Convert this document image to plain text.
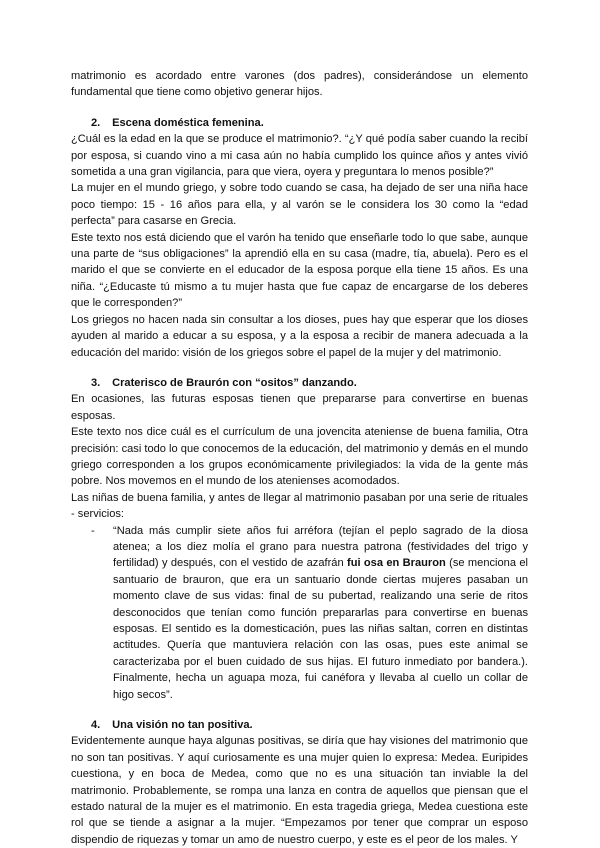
matrimonio es acordado entre varones (dos padres), considerándose un elemento fundamental que tiene como objetivo generar hijos.

2. Escena doméstica femenina.

¿Cuál es la edad en la que se produce el matrimonio?. “¿Y qué podía saber cuando la recibí por esposa, si cuando vino a mi casa aún no había cumplido los quince años y antes vivió sometida a una gran vigilancia, para que viera, oyera y preguntara lo menos posible?”

La mujer en el mundo griego, y sobre todo cuando se casa, ha dejado de ser una niña hace poco tiempo: 15 - 16 años para ella, y al varón se le considera los 30 como la “edad perfecta” para casarse en Grecia.

Este texto nos está diciendo que el varón ha tenido que enseñarle todo lo que sabe, aunque una parte de “sus obligaciones” la aprendió ella en su casa (madre, tía, abuela). Pero es el marido el que se convierte en el educador de la esposa porque ella tiene 15 años. Es una niña. “¿Educaste tú mismo a tu mujer hasta que fue capaz de encargarse de los deberes que le corresponden?”

Los griegos no hacen nada sin consultar a los dioses, pues hay que esperar que los dioses ayuden al marido a educar a su esposa, y a la esposa a recibir de manera adecuada a la educación del marido: visión de los griegos sobre el papel de la mujer y del matrimonio.

3. Craterisco de Braurón con “ositos” danzando.

En ocasiones, las futuras esposas tienen que prepararse para convertirse en buenas esposas.

Este texto nos dice cuál es el currículum de una jovencita ateniense de buena familia, Otra precisión: casi todo lo que conocemos de la educación, del matrimonio y demás en el mundo griego corresponden a los grupos económicamente privilegiados: la vida de la gente más pobre. Nos movemos en el mundo de los atenienses acomodados.

Las niñas de buena familia, y antes de llegar al matrimonio pasaban por una serie de rituales - servicios:

-	“Nada más cumplir siete años fui arréfora (tejían el peplo sagrado de la diosa atenea; a los diez molía el grano para nuestra patrona (festividades del trigo y fertilidad) y después, con el vestido de azafrán fui osa en Brauron (se menciona el santuario de brauron, que era un santuario donde ciertas mujeres pasaban un momento clave de sus vidas: final de su pubertad, realizando una serie de ritos desconocidos que tenían como función prepararlas para convertirse en buenas esposas. El sentido es la domesticación, pues las niñas saltan, corren en distintas actitudes. Quería que mantuviera relación con las osas, pues este animal se caracterizaba por el buen cuidado de sus hijas. El futuro inmediato por bandera.). Finalmente, hecha un aguapa moza, fui canéfora y llevaba al cuello un collar de higo secos”.

4. Una visión no tan positiva.

Evidentemente aunque haya algunas positivas, se diría que hay visiones del matrimonio que no son tan positivas. Y aquí curiosamente es una mujer quien lo expresa: Medea. Euripides cuestiona, y en boca de Medea, como que no es una situación tan inviable la del matrimonio. Probablemente, se rompa una lanza en contra de aquellos que piensan que el estado natural de la mujer es el matrimonio. En esta tragedia griega, Medea cuestiona este rol que se tiende a asignar a la mujer. “Empezamos por tener que comprar un esposo dispendio de riquezas y tomar un amo de nuestro cuerpo, y este es el peor de los males. Y
